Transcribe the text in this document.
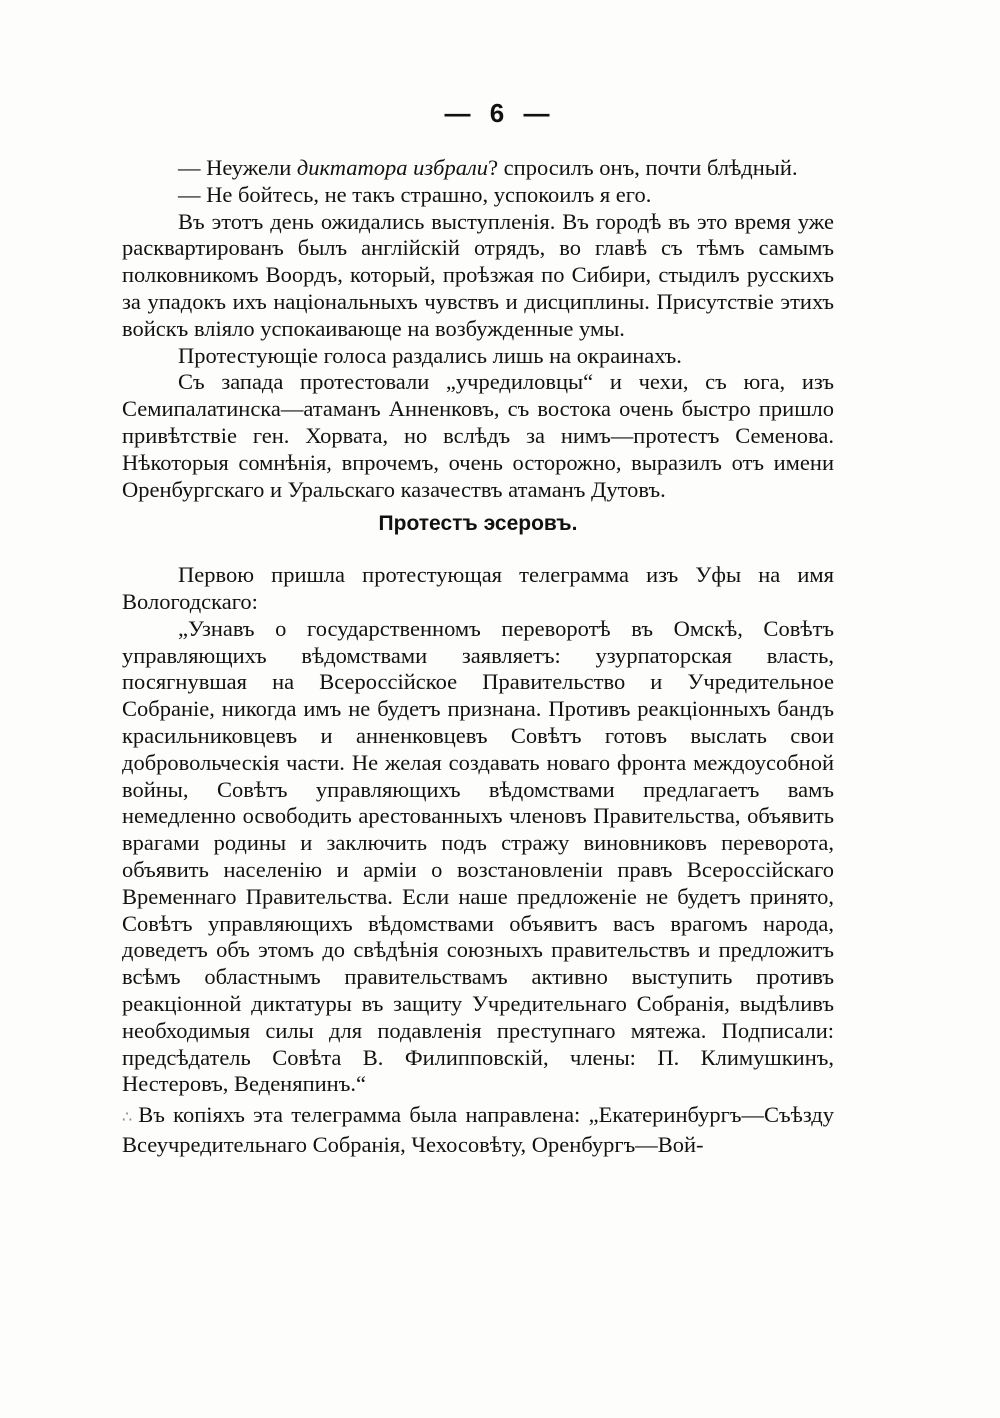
— 6 —

— Неужели диктатора избрали? спросилъ онъ, почти блѣдный.

— Не бойтесь, не такъ страшно, успокоилъ я его.

Въ этотъ день ожидались выступленія. Въ городѣ въ это время уже расквартированъ былъ англійскій отрядъ, во главѣ съ тѣмъ самымъ полковникомъ Воордъ, который, проѣзжая по Сибири, стыдилъ русскихъ за упадокъ ихъ національныхъ чувствъ и дисциплины. Присутствіе этихъ войскъ вліяло успокаивающе на возбужденные умы.

Протестующіе голоса раздались лишь на окраинахъ.

Съ запада протестовали „учредиловцы“ и чехи, съ юга, изъ Семипалатинска—атаманъ Анненковъ, съ востока очень быстро пришло привѣтствіе ген. Хорвата, но вслѣдъ за нимъ—протестъ Семенова. Нѣкоторыя сомнѣнія, впрочемъ, очень осторожно, выразилъ отъ имени Оренбургскаго и Уральскаго казачествъ атаманъ Дутовъ.

Протестъ эсеровъ.

Первою пришла протестующая телеграмма изъ Уфы на имя Вологодскаго:

„Узнавъ о государственномъ переворотѣ въ Омскѣ, Совѣтъ управляющихъ вѣдомствами заявляетъ: узурпаторская власть, посягнувшая на Всероссійское Правительство и Учредительное Собраніе, никогда имъ не будетъ признана. Противъ реакціонныхъ бандъ красильниковцевъ и анненковцевъ Совѣтъ готовъ выслать свои добровольческія части. Не желая создавать новаго фронта междоусобной войны, Совѣтъ управляющихъ вѣдомствами предлагаетъ вамъ немедленно освободить арестованныхъ членовъ Правительства, объявить врагами родины и заключить подъ стражу виновниковъ переворота, объявить населенію и арміи о возстановленіи правъ Всероссійскаго Временнаго Правительства. Если наше предложеніе не будетъ принято, Совѣтъ управляющихъ вѣдомствами объявитъ васъ врагомъ народа, доведетъ объ этомъ до свѣдѣнія союзныхъ правительствъ и предложитъ всѣмъ областнымъ правительствамъ активно выступить противъ реакціонной диктатуры въ защиту Учредительнаго Собранія, выдѣливъ необходимыя силы для подавленія преступнаго мятежа. Подписали: предсѣдатель Совѣта В. Филипповскій, члены: П. Климушкинъ, Нестеровъ, Веденяпинъ.“

∴ Въ копіяхъ эта телеграмма была направлена: „Екатеринбургъ—Съѣзду Всеучредительнаго Собранія, Чехосовѣту, Оренбургъ—Вой-
